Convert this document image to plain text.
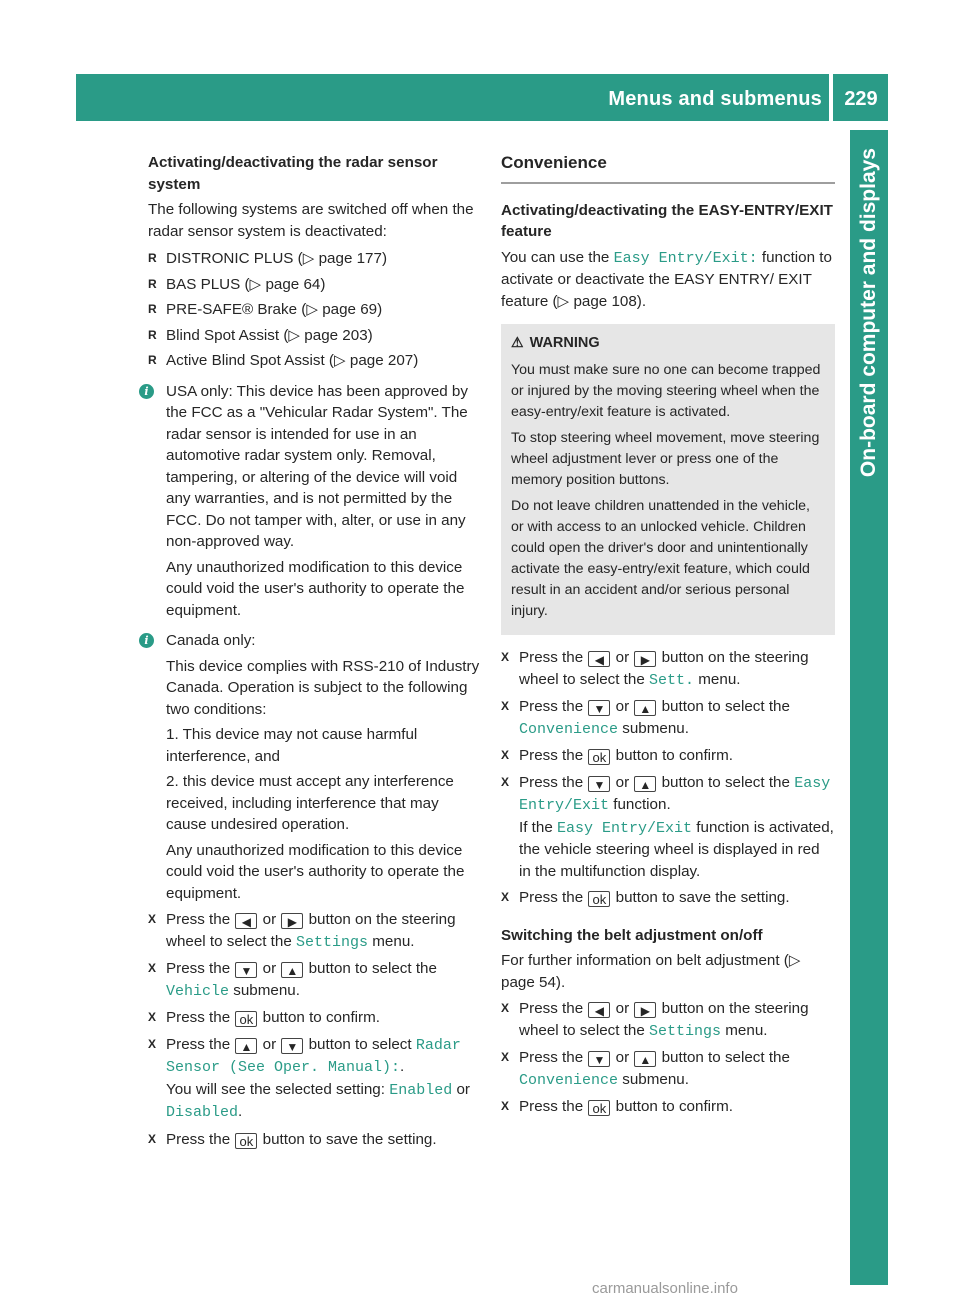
Menus and submenus	229
On-board computer and displays

Activating/deactivating the radar sensor system

The following systems are switched off when the radar sensor system is deactivated:

R DISTRONIC PLUS (▷ page 177)
R BAS PLUS (▷ page 64)
R PRE-SAFE® Brake (▷ page 69)
R Blind Spot Assist (▷ page 203)
R Active Blind Spot Assist (▷ page 207)
i	USA only: This device has been approved by the FCC as a "Vehicular Radar System". The radar sensor is intended for use in an automotive radar system only. Removal, tampering, or altering of the device will void any warranties, and is not permitted by the FCC. Do not tamper with, alter, or use in any non-approved way.

Any unauthorized modification to this device could void the user's authority to operate the equipment.

i	Canada only:

This device complies with RSS-210 of Industry Canada. Operation is subject to the following two conditions:

1. This device may not cause harmful interference, and

2. this device must accept any interference received, including interference that may cause undesired operation.

Any unauthorized modification to this device could void the user's authority to operate the equipment.

X Press the ◀ or ▶ button on the steering wheel to select the Settings menu.
X Press the ▼ or ▲ button to select the Vehicle submenu.
X Press the ok button to confirm.
X Press the ▲ or ▼ button to select Radar Sensor (See Oper. Manual):.
You will see the selected setting: Enabled or Disabled.
X Press the ok button to save the setting.
Convenience

Activating/deactivating the EASY-ENTRY/EXIT feature

You can use the Easy Entry/Exit: function to activate or deactivate the EASY ENTRY/ EXIT feature (▷ page 108).

⚠ WARNING

You must make sure no one can become trapped or injured by the moving steering wheel when the easy-entry/exit feature is activated.

To stop steering wheel movement, move steering wheel adjustment lever or press one of the memory position buttons.

Do not leave children unattended in the vehicle, or with access to an unlocked vehicle. Children could open the driver's door and unintentionally activate the easy-entry/exit feature, which could result in an accident and/or serious personal injury.

X Press the ◀ or ▶ button on the steering wheel to select the Sett. menu.
X Press the ▼ or ▲ button to select the Convenience submenu.
X Press the ok button to confirm.
X Press the ▼ or ▲ button to select the Easy Entry/Exit function.
If the Easy Entry/Exit function is activated, the vehicle steering wheel is displayed in red in the multifunction display.
X Press the ok button to save the setting.

Switching the belt adjustment on/off

For further information on belt adjustment (▷ page 54).

X Press the ◀ or ▶ button on the steering wheel to select the Settings menu.
X Press the ▼ or ▲ button to select the Convenience submenu.
X Press the ok button to confirm.
carmanualsonline.info
